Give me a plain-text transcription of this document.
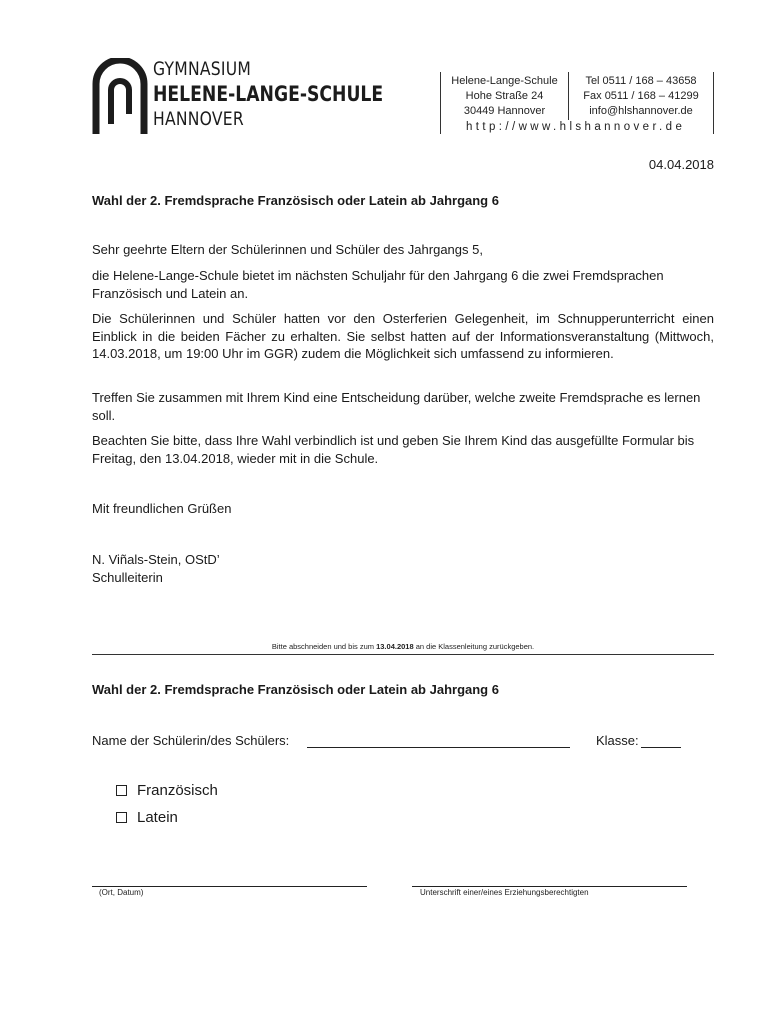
GYMNASIUM
HELENE-LANGE-SCHULE
HANNOVER
Helene-Lange-Schule
Hohe Straße 24
30449 Hannover
Tel 0511 / 168 – 43658
Fax 0511 / 168 – 41299
info@hlshannover.de
http://www.hlshannover.de
04.04.2018
Wahl der 2. Fremdsprache Französisch oder Latein ab Jahrgang 6

Sehr geehrte Eltern der Schülerinnen und Schüler des Jahrgangs 5,

die Helene-Lange-Schule bietet im nächsten Schuljahr für den Jahrgang 6 die zwei Fremdsprachen Französisch und Latein an.

Die Schülerinnen und Schüler hatten vor den Osterferien Gelegenheit, im Schnupperunterricht einen Einblick in die beiden Fächer zu erhalten. Sie selbst hatten auf der Informationsveranstaltung (Mittwoch, 14.03.2018, um 19:00 Uhr im GGR) zudem die Möglichkeit sich umfassend zu informieren.

Treffen Sie zusammen mit Ihrem Kind eine Entscheidung darüber, welche zweite Fremdsprache es lernen soll.

Beachten Sie bitte, dass Ihre Wahl verbindlich ist und geben Sie Ihrem Kind das ausgefüllte Formular bis Freitag, den 13.04.2018, wieder mit in die Schule.

Mit freundlichen Grüßen

N. Viñals-Stein, OStD’

Schulleiterin

Bitte abschneiden und bis zum 13.04.2018 an die Klassenleitung zurückgeben.
Wahl der 2. Fremdsprache Französisch oder Latein ab Jahrgang 6
Name der Schülerin/des Schülers:	Klasse:
Französisch
Latein
(Ort, Datum)	Unterschrift einer/eines Erziehungsberechtigten
